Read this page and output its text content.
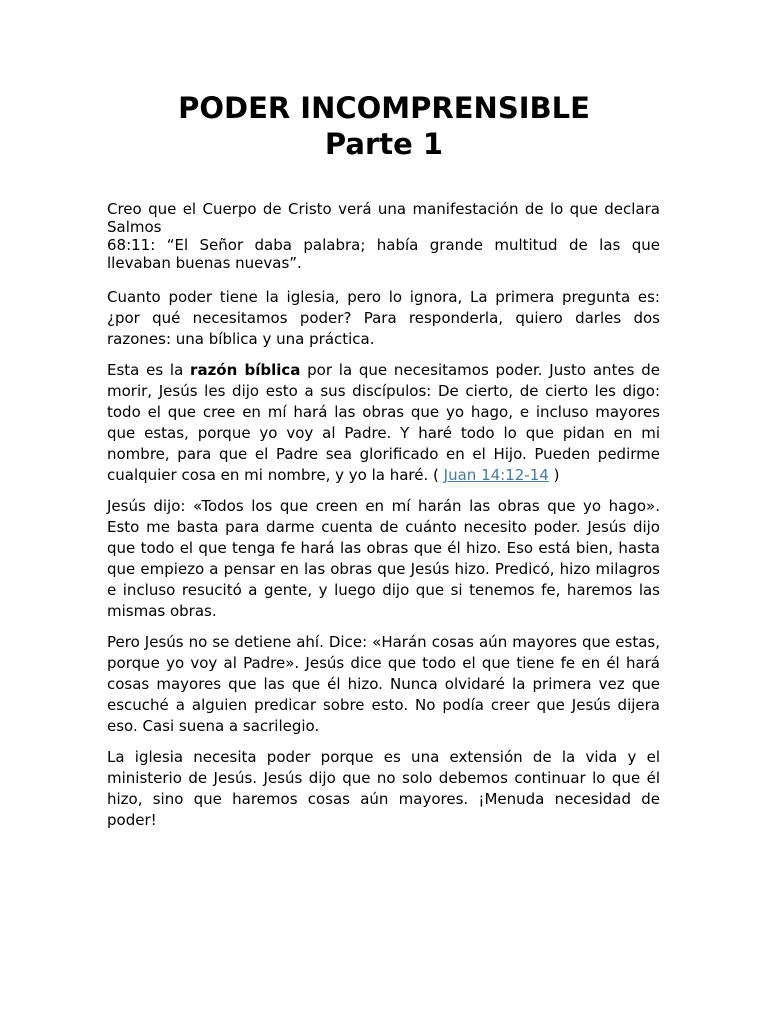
PODER INCOMPRENSIBLE
Parte 1

Creo que el Cuerpo de Cristo verá una manifestación de lo que declara Salmos
68:11: “El Señor daba palabra; había grande multitud de las que llevaban buenas nuevas”.

Cuanto poder tiene la iglesia, pero lo ignora, La primera pregunta es: ¿por qué necesitamos poder? Para responderla, quiero darles dos razones: una bíblica y una práctica.

Esta es la razón bíblica por la que necesitamos poder. Justo antes de morir, Jesús les dijo esto a sus discípulos: De cierto, de cierto les digo: todo el que cree en mí hará las obras que yo hago, e incluso mayores que estas, porque yo voy al Padre. Y haré todo lo que pidan en mi nombre, para que el Padre sea glorificado en el Hijo. Pueden pedirme cualquier cosa en mi nombre, y yo la haré. ( Juan 14:12-14 )

Jesús dijo: «Todos los que creen en mí harán las obras que yo hago». Esto me basta para darme cuenta de cuánto necesito poder. Jesús dijo que todo el que tenga fe hará las obras que él hizo. Eso está bien, hasta que empiezo a pensar en las obras que Jesús hizo. Predicó, hizo milagros e incluso resucitó a gente, y luego dijo que si tenemos fe, haremos las mismas obras.

Pero Jesús no se detiene ahí. Dice: «Harán cosas aún mayores que estas, porque yo voy al Padre». Jesús dice que todo el que tiene fe en él hará cosas mayores que las que él hizo. Nunca olvidaré la primera vez que escuché a alguien predicar sobre esto. No podía creer que Jesús dijera eso. Casi suena a sacrilegio.

La iglesia necesita poder porque es una extensión de la vida y el ministerio de Jesús. Jesús dijo que no solo debemos continuar lo que él hizo, sino que haremos cosas aún mayores. ¡Menuda necesidad de poder!
